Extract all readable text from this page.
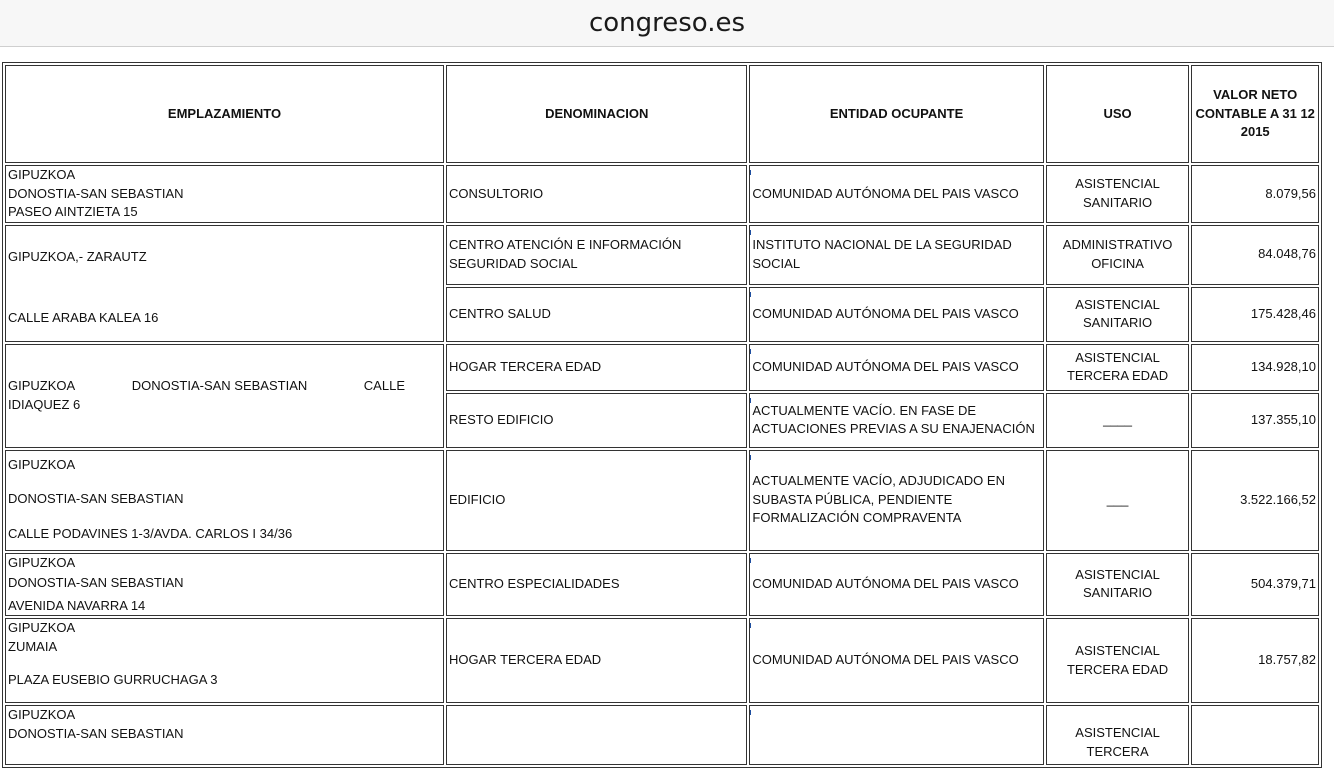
congreso.es
EMPLAZAMIENTO	DENOMINACION	ENTIDAD OCUPANTE	USO	VALOR NETO CONTABLE A 31 12 2015

GIPUZKOA
DONOSTIA-SAN SEBASTIAN
PASEO AINTZIETA 15	CONSULTORIO	COMUNIDAD AUTÓNOMA DEL PAIS VASCO	ASISTENCIAL SANITARIO	8.079,56

GIPUZKOA,- ZARAUTZ
CALLE ARABA KALEA 16	CENTRO ATENCIÓN E INFORMACIÓN SEGURIDAD SOCIAL	INSTITUTO NACIONAL DE LA SEGURIDAD SOCIAL	ADMINISTRATIVO OFICINA	84.048,76
	CENTRO SALUD	COMUNIDAD AUTÓNOMA DEL PAIS VASCO	ASISTENCIAL SANITARIO	175.428,46

GIPUZKOA DONOSTIA-SAN SEBASTIAN CALLE
IDIAQUEZ 6	HOGAR TERCERA EDAD	COMUNIDAD AUTÓNOMA DEL PAIS VASCO	ASISTENCIAL TERCERA EDAD	134.928,10
	RESTO EDIFICIO	ACTUALMENTE VACÍO. EN FASE DE ACTUACIONES PREVIAS A SU ENAJENACIÓN	____	137.355,10

GIPUZKOA
DONOSTIA-SAN SEBASTIAN
CALLE PODAVINES 1-3/AVDA. CARLOS I 34/36	EDIFICIO	ACTUALMENTE VACÍO, ADJUDICADO EN SUBASTA PÚBLICA, PENDIENTE FORMALIZACIÓN COMPRAVENTA	___	3.522.166,52

GIPUZKOA
DONOSTIA-SAN SEBASTIAN
AVENIDA NAVARRA 14	CENTRO ESPECIALIDADES	COMUNIDAD AUTÓNOMA DEL PAIS VASCO	ASISTENCIAL SANITARIO	504.379,71

GIPUZKOA
ZUMAIA
PLAZA EUSEBIO GURRUCHAGA 3	HOGAR TERCERA EDAD	COMUNIDAD AUTÓNOMA DEL PAIS VASCO	ASISTENCIAL TERCERA EDAD	18.757,82

GIPUZKOA
DONOSTIA-SAN SEBASTIAN			ASISTENCIAL TERCERA	
